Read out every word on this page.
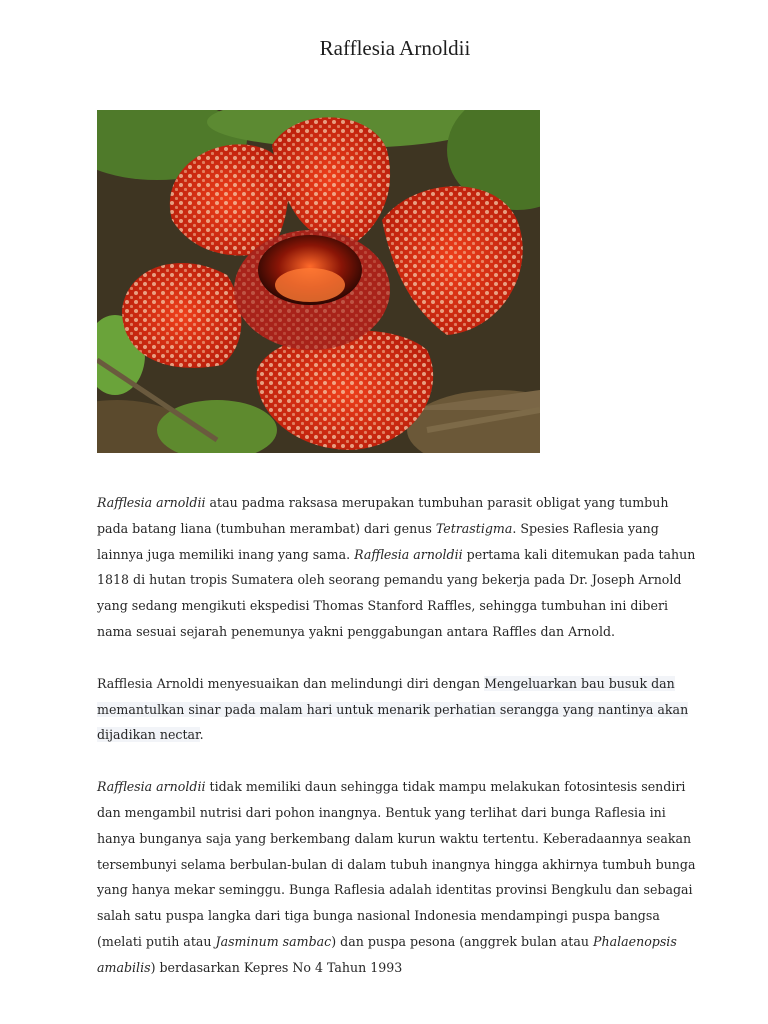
Rafflesia Arnoldii

Rafflesia arnoldii atau padma raksasa merupakan tumbuhan parasit obligat yang tumbuh pada batang liana (tumbuhan merambat) dari genus Tetrastigma. Spesies Raflesia yang lainnya juga memiliki inang yang sama. Rafflesia arnoldii pertama kali ditemukan pada tahun 1818 di hutan tropis Sumatera oleh seorang pemandu yang bekerja pada Dr. Joseph Arnold yang sedang mengikuti ekspedisi Thomas Stanford Raffles, sehingga tumbuhan ini diberi nama sesuai sejarah penemunya yakni penggabungan antara Raffles dan Arnold.

Rafflesia Arnoldi menyesuaikan dan melindungi diri dengan Mengeluarkan bau busuk dan memantulkan sinar pada malam hari untuk menarik perhatian serangga yang nantinya akan dijadikan nectar.

Rafflesia arnoldii tidak memiliki daun sehingga tidak mampu melakukan fotosintesis sendiri dan mengambil nutrisi dari pohon inangnya. Bentuk yang terlihat dari bunga Raflesia ini hanya bunganya saja yang berkembang dalam kurun waktu tertentu. Keberadaannya seakan tersembunyi selama berbulan-bulan di dalam tubuh inangnya hingga akhirnya tumbuh bunga yang hanya mekar seminggu. Bunga Raflesia adalah identitas provinsi Bengkulu dan sebagai salah satu puspa langka dari tiga bunga nasional Indonesia mendampingi puspa bangsa (melati putih atau Jasminum sambac) dan puspa pesona (anggrek bulan atau Phalaenopsis amabilis) berdasarkan Kepres No 4 Tahun 1993
